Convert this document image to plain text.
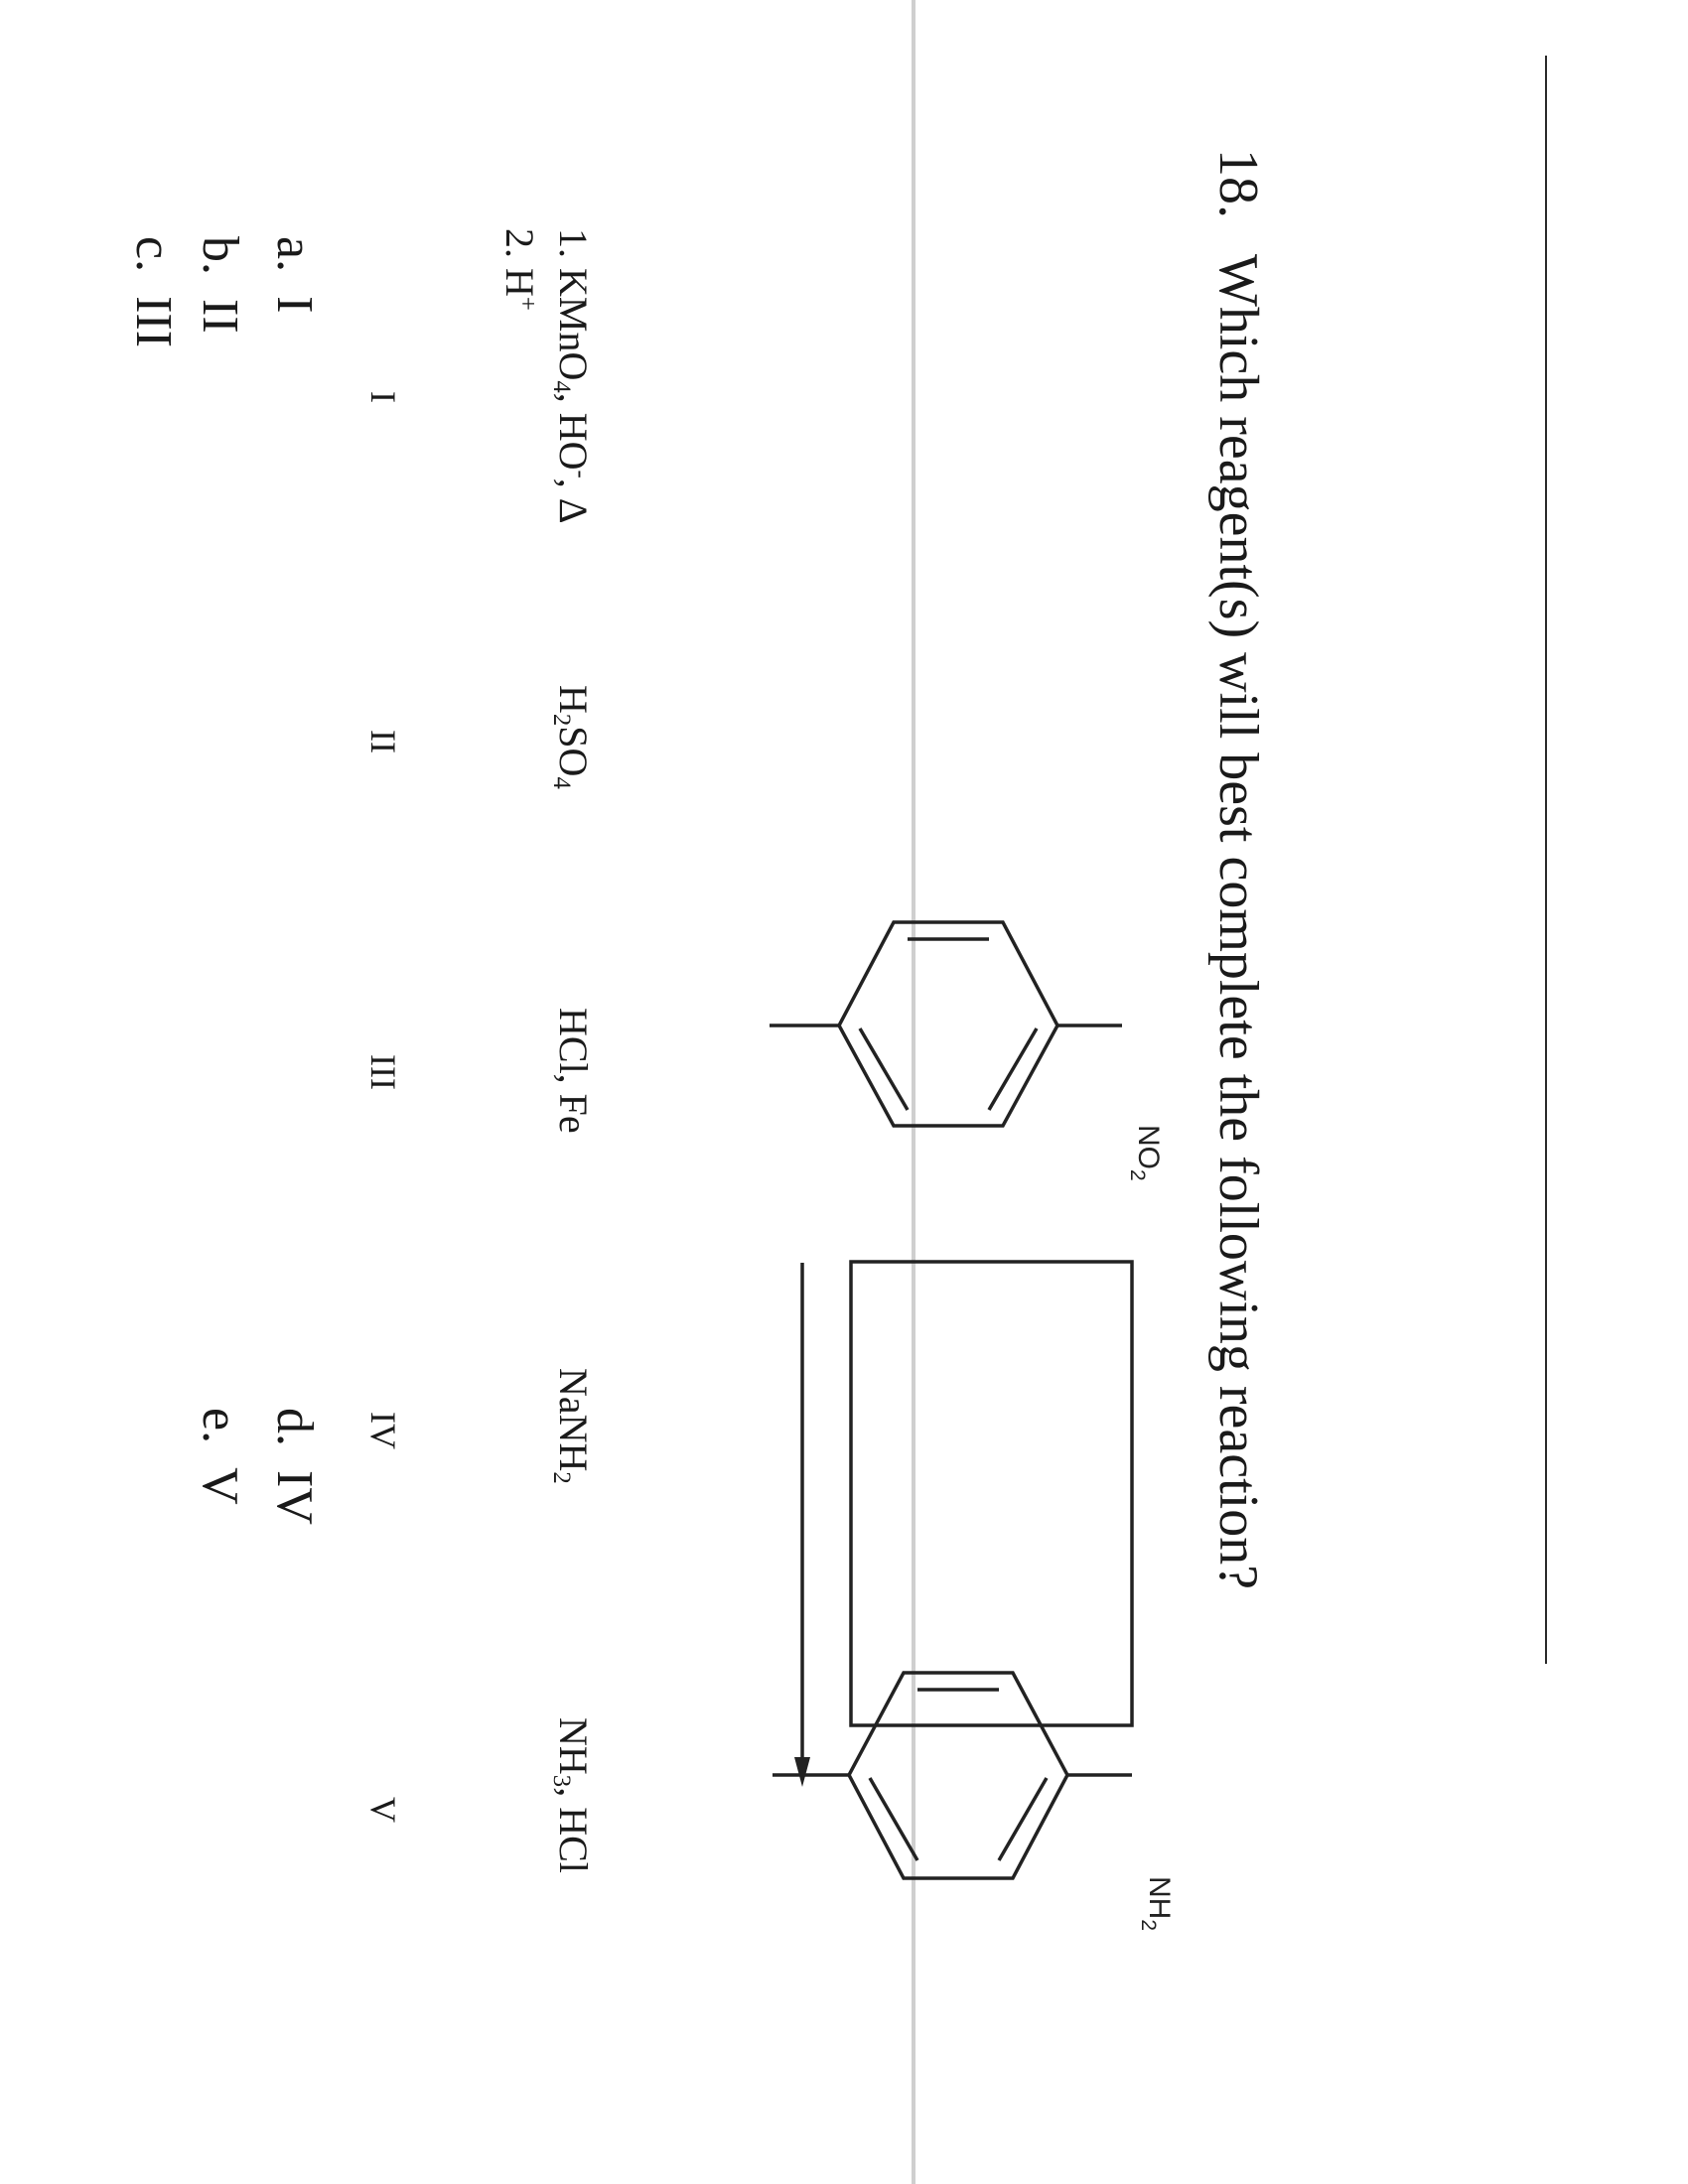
18. Which reagent(s) will best complete the following reaction?
$NO_2$
$NH_2$
1. KMnO$_4$, HO-, Δ
2. H+
$H_2SO_4$
HCl, Fe
NaNH$_2$
$NH_3$, HCl
I
II
III
IV
V
a.I
b.II
c.III
d.IV
e.V
